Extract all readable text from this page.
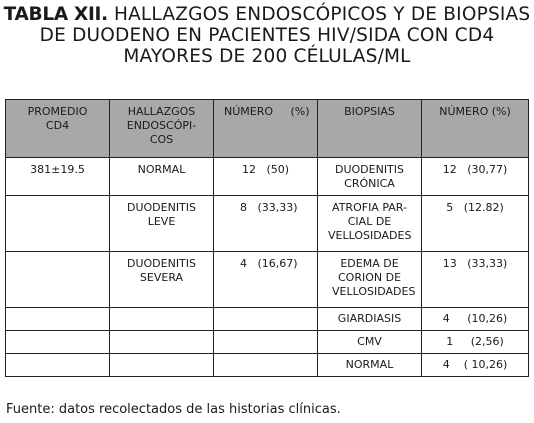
TABLA XII. HALLAZGOS ENDOSCÓPICOS Y DE BIOPSIAS
DE DUODENO EN PACIENTES HIV/SIDA CON CD4
MAYORES DE 200 CÉLULAS/ML
PROMEDIO CD4	HALLAZGOS ENDOSCÓPI-COS	NÚMERO     (%)	BIOPSIAS	NÚMERO (%)
381±19.5	NORMAL	12   (50)	DUODENITIS CRÓNICA	12   (30,77)
	DUODENITIS LEVE	8   (33,33)	ATROFIA PAR-CIAL DE VELLOSIDADES	5   (12.82)
	DUODENITIS SEVERA	4   (16,67)	EDEMA DE CORION DE VELLOSIDADES	13   (33,33)
			GIARDIASIS	4     (10,26)
			CMV	1     (2,56)
			NORMAL	4    ( 10,26)
Fuente: datos recolectados de las historias clínicas.
